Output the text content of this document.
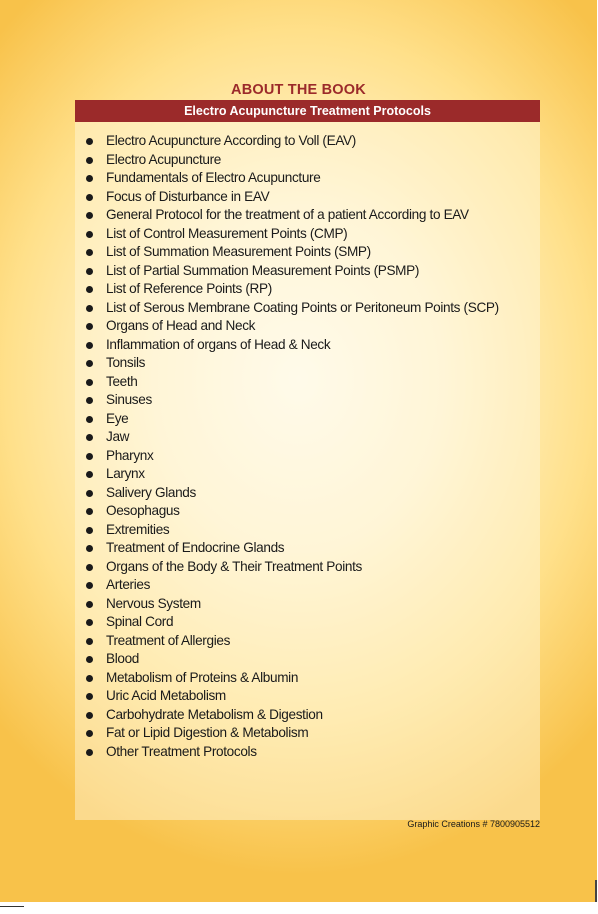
ABOUT THE BOOK
Electro Acupuncture Treatment Protocols
Electro Acupuncture According to Voll (EAV)
Electro Acupuncture
Fundamentals of Electro Acupuncture
Focus of Disturbance in EAV
General Protocol for the treatment of a patient According to EAV
List of Control Measurement Points (CMP)
List of Summation Measurement Points (SMP)
List of Partial Summation Measurement Points (PSMP)
List of Reference Points (RP)
List of Serous Membrane Coating Points or Peritoneum Points (SCP)
Organs of Head and Neck
Inflammation of organs of Head & Neck
Tonsils
Teeth
Sinuses
Eye
Jaw
Pharynx
Larynx
Salivery Glands
Oesophagus
Extremities
Treatment of Endocrine Glands
Organs of the Body & Their Treatment Points
Arteries
Nervous System
Spinal Cord
Treatment of Allergies
Blood
Metabolism of Proteins & Albumin
Uric Acid Metabolism
Carbohydrate Metabolism & Digestion
Fat or Lipid Digestion & Metabolism
Other Treatment Protocols
Graphic Creations # 7800905512
